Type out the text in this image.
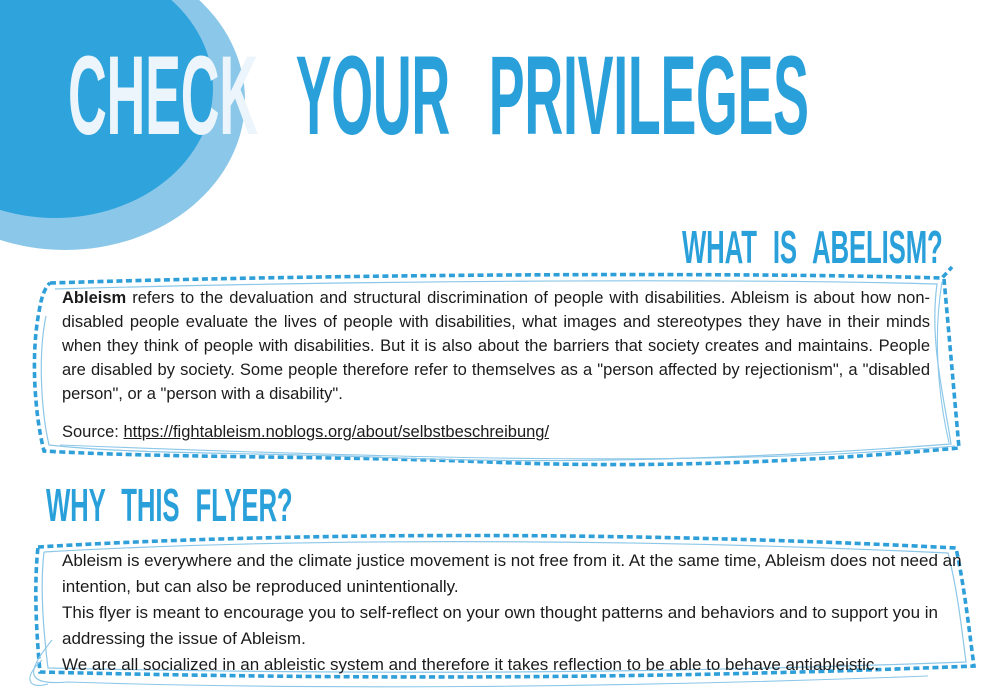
CHECK YOUR PRIVILEGES
WHAT IS ABELISM?

Ableism refers to the devaluation and structural discrimination of people with disabilities. Ableism is about how non-disabled people evaluate the lives of people with disabilities, what images and stereotypes they have in their minds when they think of people with disabilities. But it is also about the barriers that society creates and maintains. People are disabled by society. Some people therefore refer to themselves as a "person affected by rejectionism", a "disabled person", or a "person with a disability".

Source: https://fightableism.noblogs.org/about/selbstbeschreibung/

WHY THIS FLYER?

Ableism is everywhere and the climate justice movement is not free from it. At the same time, Ableism does not need an intention, but can also be reproduced unintentionally.

This flyer is meant to encourage you to self-reflect on your own thought patterns and behaviors and to support you in addressing the issue of Ableism.

We are all socialized in an ableistic system and therefore it takes reflection to be able to behave antiableistic.
